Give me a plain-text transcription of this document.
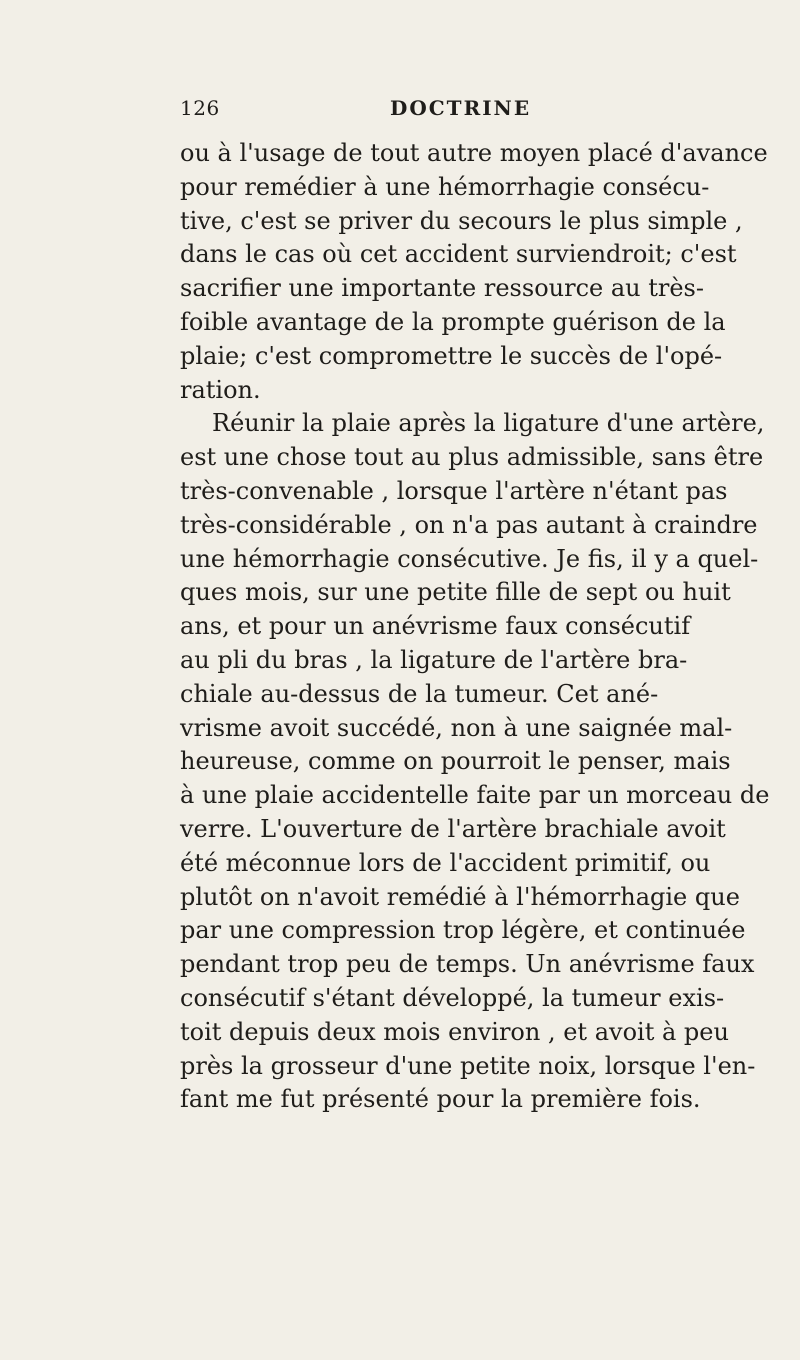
126	DOCTRINE
ou à l'usage de tout autre moyen placé d'avance
pour remédier à une hémorrhagie consécu-
tive, c'est se priver du secours le plus simple ,
dans le cas où cet accident surviendroit; c'est
sacrifier une importante ressource au très-
foible avantage de la prompte guérison de la
plaie; c'est compromettre le succès de l'opé-
ration.
Réunir la plaie après la ligature d'une artère,
est une chose tout au plus admissible, sans être
très-convenable , lorsque l'artère n'étant pas
très-considérable , on n'a pas autant à craindre
une hémorrhagie consécutive. Je fis, il y a quel-
ques mois, sur une petite fille de sept ou huit
ans, et pour un anévrisme faux consécutif
au pli du bras , la ligature de l'artère bra-
chiale au-dessus de la tumeur. Cet ané-
vrisme avoit succédé, non à une saignée mal-
heureuse, comme on pourroit le penser, mais
à une plaie accidentelle faite par un morceau de
verre. L'ouverture de l'artère brachiale avoit
été méconnue lors de l'accident primitif, ou
plutôt on n'avoit remédié à l'hémorrhagie que
par une compression trop légère, et continuée
pendant trop peu de temps. Un anévrisme faux
consécutif s'étant développé, la tumeur exis-
toit depuis deux mois environ , et avoit à peu
près la grosseur d'une petite noix, lorsque l'en-
fant me fut présenté pour la première fois.
